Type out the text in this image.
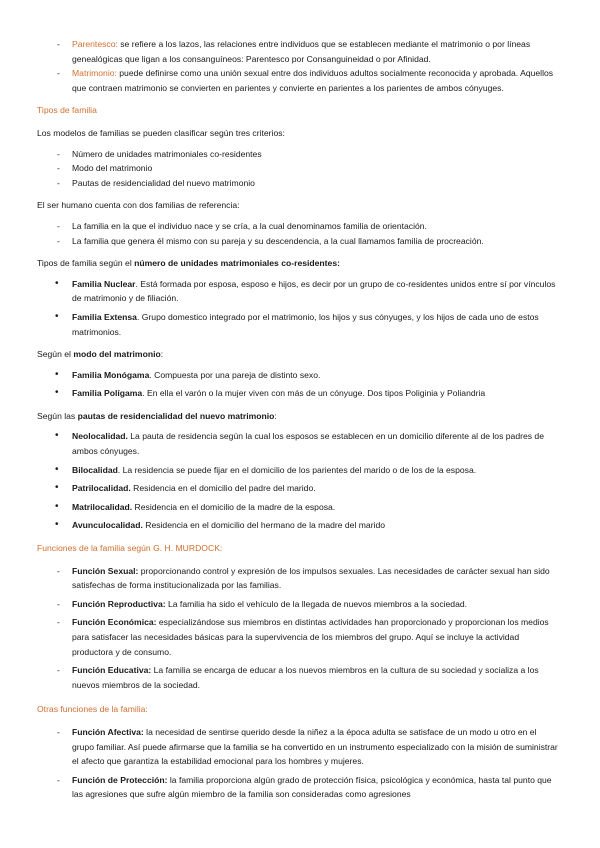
- Parentesco: se refiere a los lazos, las relaciones entre individuos que se establecen mediante el matrimonio o por líneas genealógicas que ligan a los consanguíneos: Parentesco por Consanguineidad o por Afinidad.
- Matrimonio: puede definirse como una unión sexual entre dos individuos adultos socialmente reconocida y aprobada. Aquellos que contraen matrimonio se convierten en parientes y convierte en parientes a los parientes de ambos cónyuges.

Tipos de familia

Los modelos de familias se pueden clasificar según tres criterios:

- Número de unidades matrimoniales co-residentes
- Modo del matrimonio
- Pautas de residencialidad del nuevo matrimonio

El ser humano cuenta con dos familias de referencia:

- La familia en la que el individuo nace y se cría, a la cual denominamos familia de orientación.
- La familia que genera él mismo con su pareja y su descendencia, a la cual llamamos familia de procreación.

Tipos de familia según el número de unidades matrimoniales co-residentes:

• Familia Nuclear. Está formada por esposa, esposo e hijos, es decir por un grupo de co-residentes unidos entre sí por vínculos de matrimonio y de filiación.
• Familia Extensa. Grupo domestico integrado por el matrimonio, los hijos y sus cónyuges, y los hijos de cada uno de estos matrimonios.

Según el modo del matrimonio:

• Familia Monógama. Compuesta por una pareja de distinto sexo.
• Familia Polígama. En ella el varón o la mujer viven con más de un cónyuge. Dos tipos Poliginia y Poliandria

Según las pautas de residencialidad del nuevo matrimonio:

• Neolocalidad. La pauta de residencia según la cual los esposos se establecen en un domicilio diferente al de los padres de ambos cónyuges.
• Bilocalidad. La residencia se puede fijar en el domicilio de los parientes del marido o de los de la esposa.
• Patrilocalidad. Residencia en el domicilio del padre del marido.
• Matrilocalidad. Residencia en el domicilio de la madre de la esposa.
• Avunculocalidad. Residencia en el domicilio del hermano de la madre del marido

Funciones de la familia según G. H. MURDOCK:

- Función Sexual: proporcionando control y expresión de los impulsos sexuales. Las necesidades de carácter sexual han sido satisfechas de forma institucionalizada por las familias.
- Función Reproductiva: La familia ha sido el vehículo de la llegada de nuevos miembros a la sociedad.
- Función Económica: especializándose sus miembros en distintas actividades han proporcionado y proporcionan los medios para satisfacer las necesidades básicas para la supervivencia de los miembros del grupo. Aquí se incluye la actividad productora y de consumo.
- Función Educativa: La familia se encarga de educar a los nuevos miembros en la cultura de su sociedad y socializa a los nuevos miembros de la sociedad.

Otras funciones de la familia:

- Función Afectiva: la necesidad de sentirse querido desde la niñez a la época adulta se satisface de un modo u otro en el grupo familiar. Así puede afirmarse que la familia se ha convertido en un instrumento especializado con la misión de suministrar el afecto que garantiza la estabilidad emocional para los hombres y mujeres.
- Función de Protección: la familia proporciona algún grado de protección física, psicológica y económica, hasta tal punto que las agresiones que sufre algún miembro de la familia son consideradas como agresiones
